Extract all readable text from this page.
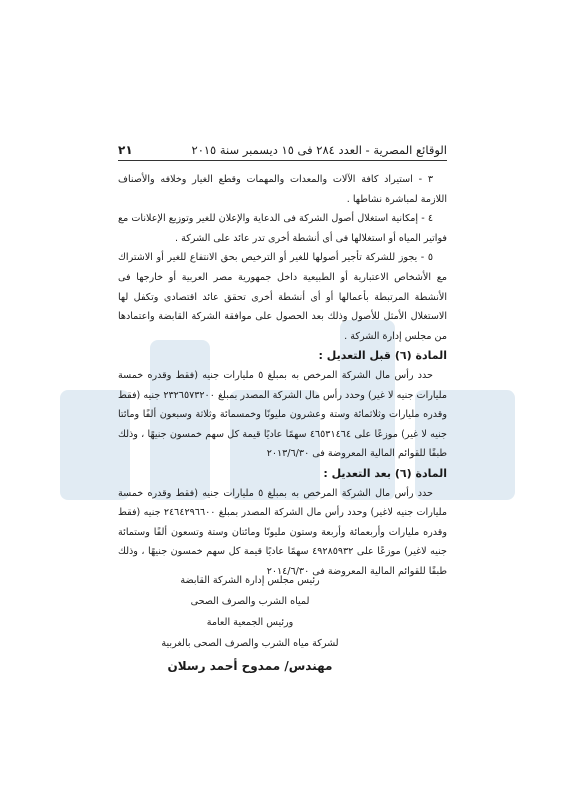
الوقائع المصرية - العدد ٢٨٤ فى ١٥ ديسمبر سنة ٢٠١٥
٢١

٣ - استيراد كافة الآلات والمعدات والمهمات وقطع الغيار وخلافه والأصناف اللازمة لمباشرة نشاطها .

٤ - إمكانية استغلال أصول الشركة فى الدعاية والإعلان للغير وتوزيع الإعلانات مع فواتير المياه أو استغلالها فى أى أنشطة أخرى تدر عائد على الشركة .

٥ - يجوز للشركة تأجير أصولها للغير أو الترخيص بحق الانتفاع للغير أو الاشتراك مع الأشخاص الاعتبارية أو الطبيعية داخل جمهورية مصر العربية أو خارجها فى الأنشطة المرتبطة بأعمالها أو أى أنشطة أخرى تحقق عائد اقتصادى وتكفل لها الاستغلال الأمثل للأصول وذلك بعد الحصول على موافقة الشركة القابضة واعتمادها من مجلس إدارة الشركة .

المادة (٦) قبل التعديل :

حدد رأس مال الشركة المرخص به بمبلغ ٥ مليارات جنيه (فقط وقدره خمسة مليارات جنيه لا غير) وحدد رأس مال الشركة المصدر بمبلغ ٢٣٢٦٥٧٣٢٠٠ جنيه (فقط وقدره مليارات وثلاثمائة وستة وعشرون مليونًا وخمسمائة وثلاثة وسبعون ألفًا ومائتا جنيه لا غير) موزعًا على ٤٦٥٣١٤٦٤ سهمًا عاديًا قيمة كل سهم خمسون جنيهًا ، وذلك طبقًا للقوائم المالية المعروضة فى ٢٠١٣/٦/٣٠

المادة (٦) بعد التعديل :

حدد رأس مال الشركة المرخص به بمبلغ ٥ مليارات جنيه (فقط وقدره خمسة مليارات جنيه لاغير) وحدد رأس مال الشركة المصدر بمبلغ ٢٤٦٤٢٩٦٦٠٠ جنيه (فقط وقدره مليارات وأربعمائة وأربعة وستون مليونًا ومائتان وستة وتسعون ألفًا وستمائة جنيه لاغير) موزعًا على ٤٩٢٨٥٩٣٢ سهمًا عاديًا قيمة كل سهم خمسون جنيهًا ، وذلك طبقًا للقوائم المالية المعروضة فى ٢٠١٤/٦/٣٠

رئيس مجلس إدارة الشركة القابضة
لمياه الشرب والصرف الصحى
ورئيس الجمعية العامة
لشركة مياه الشرب والصرف الصحى بالغربية
مهندس/ ممدوح أحمد رسلان
